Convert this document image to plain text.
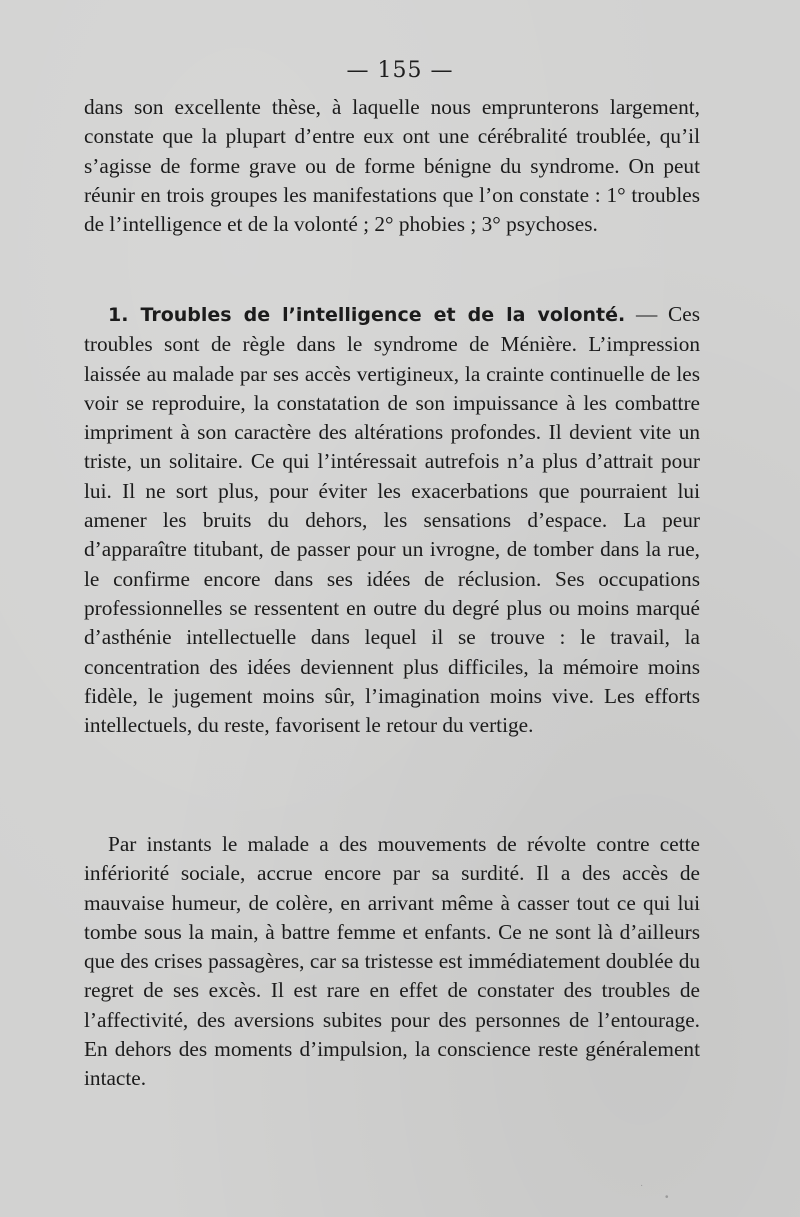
— 155 —
dans son excellente thèse, à laquelle nous emprunterons largement, constate que la plupart d’entre eux ont une cérébralité troublée, qu’il s’agisse de forme grave ou de forme bénigne du syndrome. On peut réunir en trois groupes les manifestations que l’on constate : 1° troubles de l’intelligence et de la volonté ; 2° phobies ; 3° psychoses.
1. Troubles de l’intelligence et de la volonté. — Ces troubles sont de règle dans le syndrome de Ménière. L’impression laissée au malade par ses accès vertigineux, la crainte continuelle de les voir se reproduire, la constatation de son impuissance à les combattre impriment à son caractère des altérations profondes. Il devient vite un triste, un solitaire. Ce qui l’intéressait autrefois n’a plus d’attrait pour lui. Il ne sort plus, pour éviter les exacerbations que pourraient lui amener les bruits du dehors, les sensations d’espace. La peur d’apparaître titubant, de passer pour un ivrogne, de tomber dans la rue, le confirme encore dans ses idées de réclusion. Ses occupations professionnelles se ressentent en outre du degré plus ou moins marqué d’asthénie intellectuelle dans lequel il se trouve : le travail, la concentration des idées deviennent plus difficiles, la mémoire moins fidèle, le jugement moins sûr, l’imagination moins vive. Les efforts intellectuels, du reste, favorisent le retour du vertige.
Par instants le malade a des mouvements de révolte contre cette infériorité sociale, accrue encore par sa surdité. Il a des accès de mauvaise humeur, de colère, en arrivant même à casser tout ce qui lui tombe sous la main, à battre femme et enfants. Ce ne sont là d’ailleurs que des crises passagères, car sa tristesse est immédiatement doublée du regret de ses excès. Il est rare en effet de constater des troubles de l’affectivité, des aversions subites pour des personnes de l’entourage. En dehors des moments d’impulsion, la conscience reste généralement intacte.
•
·
